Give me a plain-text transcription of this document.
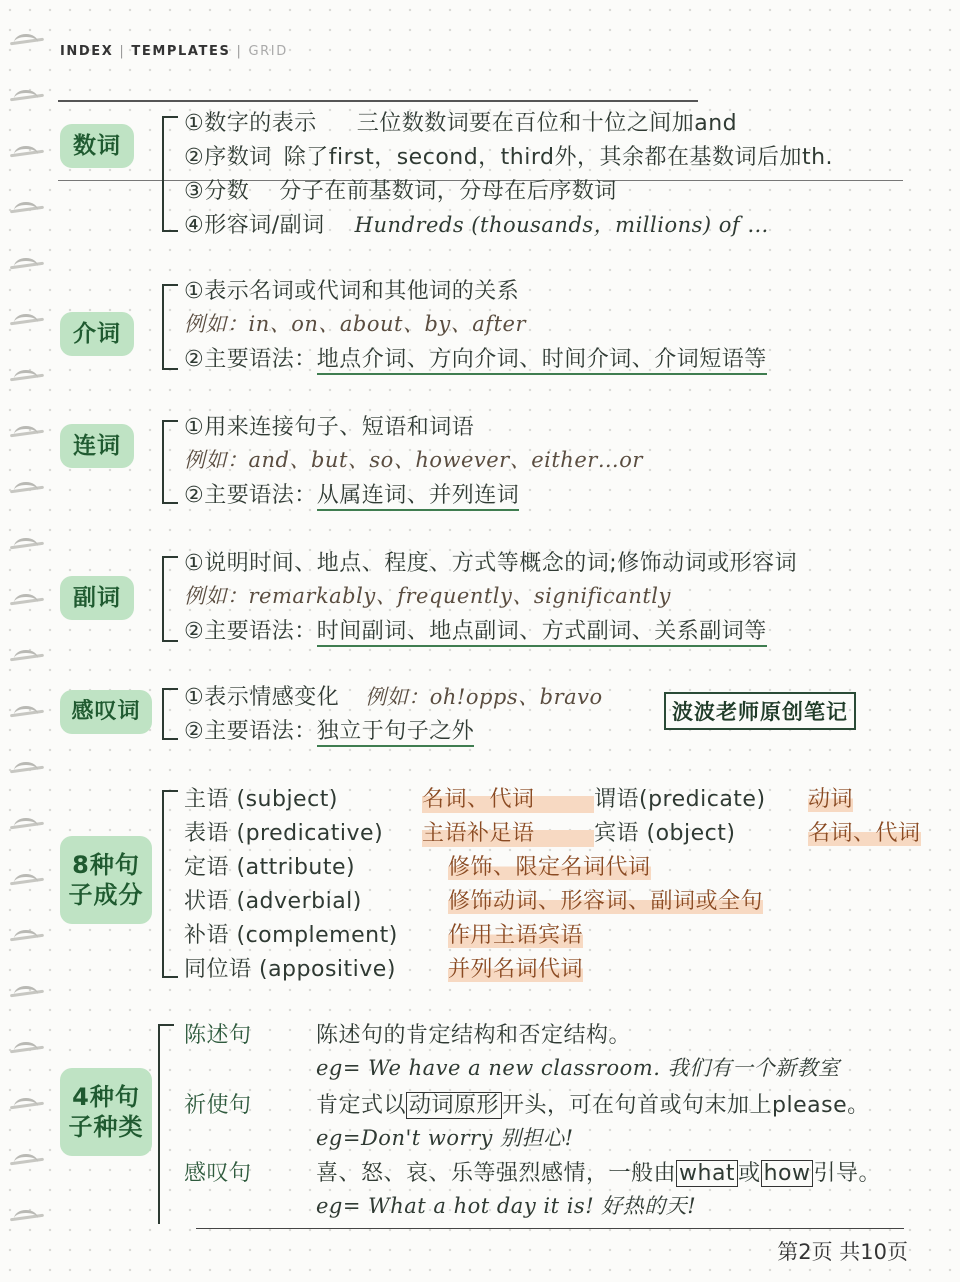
INDEX | TEMPLATES | GRID
数词
①数字的表示 三位数数词要在百位和十位之间加and
②序数词 除了first，second，third外，其余都在基数词后加th.
③分数 分子在前基数词，分母在后序数词
④形容词/副词 Hundreds (thousands，millions) of …
介词
①表示名词或代词和其他词的关系
例如：in、on、about、by、after
②主要语法：地点介词、方向介词、时间介词、介词短语等
连词
①用来连接句子、短语和词语
例如：and、but、so、however、either…or
②主要语法：从属连词、并列连词
副词
①说明时间、地点、程度、方式等概念的词;修饰动词或形容词
例如：remarkably、frequently、significantly
②主要语法：时间副词、地点副词、方式副词、关系副词等
感叹词
①表示情感变化 例如：oh!opps、bravo
②主要语法：独立于句子之外
波波老师原创笔记
8种句子成分
主语 (subject)	名词、代词	谓语(predicate) 动词
表语 (predicative) 主语补足语	宾语 (object)	名词、代词
定语 (attribute)	修饰、限定名词代词
状语 (adverbial)	修饰动词、形容词、副词或全句
补语 (complement) 作用主语宾语
同位语 (appositive) 并列名词代词
4种句子种类
陈述句	陈述句的肯定结构和否定结构。
eg= We have a new classroom. 我们有一个新教室
祈使句	肯定式以 动词原形 开头，可在句首或句末加上please。
eg=Don't worry 别担心!
感叹句	喜、怒、哀、乐等强烈感情，一般由 what 或 how 引导。
eg= What a hot day it is! 好热的天!
第2页 共10页
